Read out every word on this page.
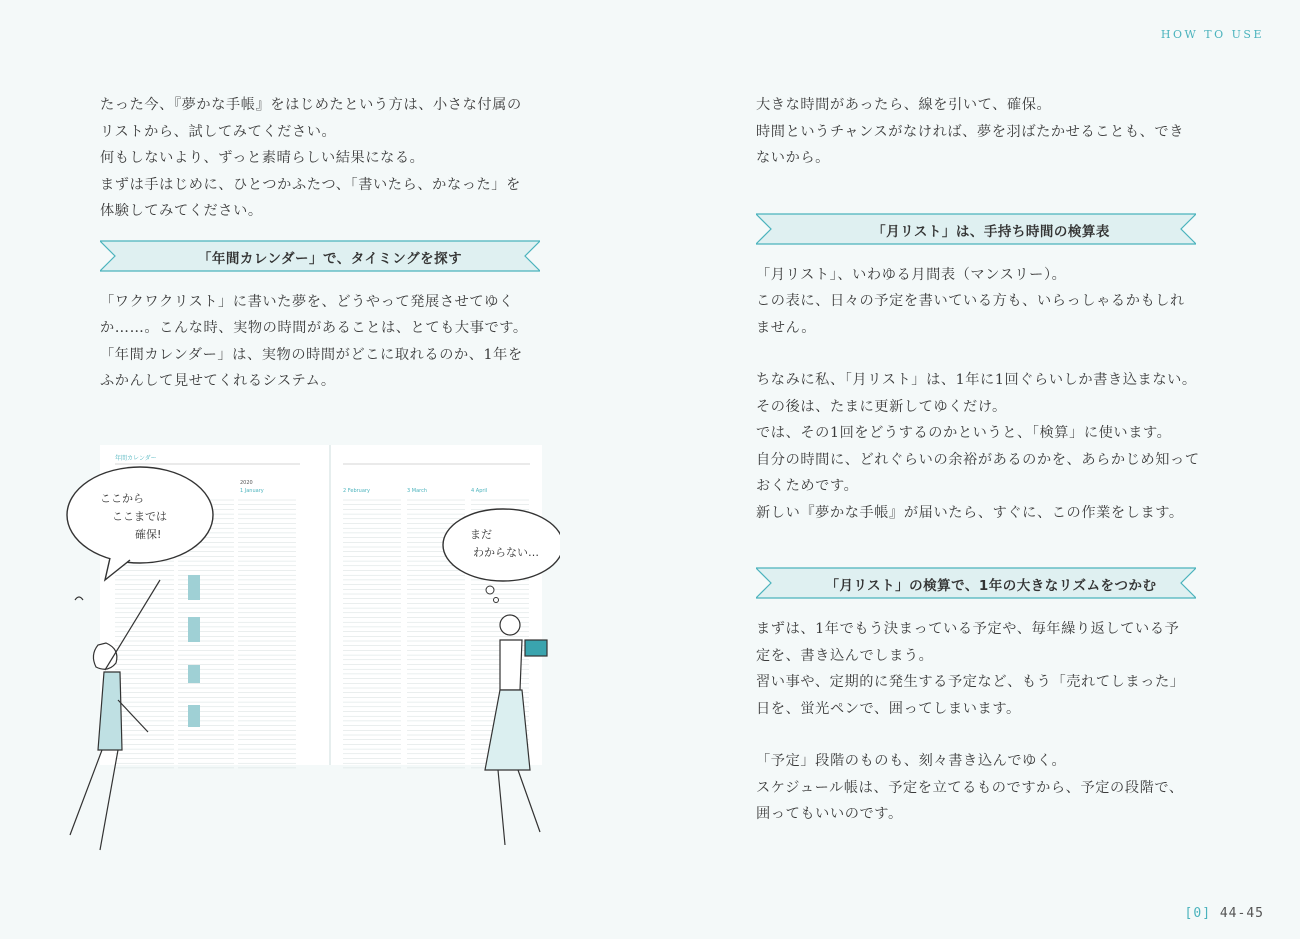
HOW TO USE

たった今、『夢かな手帳』をはじめたという方は、小さな付属の
リストから、試してみてください。
何もしないより、ずっと素晴らしい結果になる。
まずは手はじめに、ひとつかふたつ、「書いたら、かなった」を
体験してみてください。

「年間カレンダー」で、タイミングを探す

「ワクワクリスト」に書いた夢を、どうやって発展させてゆく
か……。こんな時、実物の時間があることは、とても大事です。
「年間カレンダー」は、実物の時間がどこに取れるのか、1年を
ふかんして見せてくれるシステム。

年間カレンダー
2020
1 January	2 February	3 March	4 April
ここから
ここまでは
確保!	まだ
わからない…

大きな時間があったら、線を引いて、確保。
時間というチャンスがなければ、夢を羽ばたかせることも、でき
ないから。

「月リスト」は、手持ち時間の検算表

「月リスト」、いわゆる月間表（マンスリー）。
この表に、日々の予定を書いている方も、いらっしゃるかもしれ
ません。

ちなみに私、「月リスト」は、1年に1回ぐらいしか書き込まない。
その後は、たまに更新してゆくだけ。
では、その1回をどうするのかというと、「検算」に使います。
自分の時間に、どれぐらいの余裕があるのかを、あらかじめ知って
おくためです。
新しい『夢かな手帳』が届いたら、すぐに、この作業をします。

「月リスト」の検算で、1年の大きなリズムをつかむ

まずは、1年でもう決まっている予定や、毎年繰り返している予
定を、書き込んでしまう。
習い事や、定期的に発生する予定など、もう「売れてしまった」
日を、蛍光ペンで、囲ってしまいます。

「予定」段階のものも、刻々書き込んでゆく。
スケジュール帳は、予定を立てるものですから、予定の段階で、
囲ってもいいのです。

[0] 44-45
